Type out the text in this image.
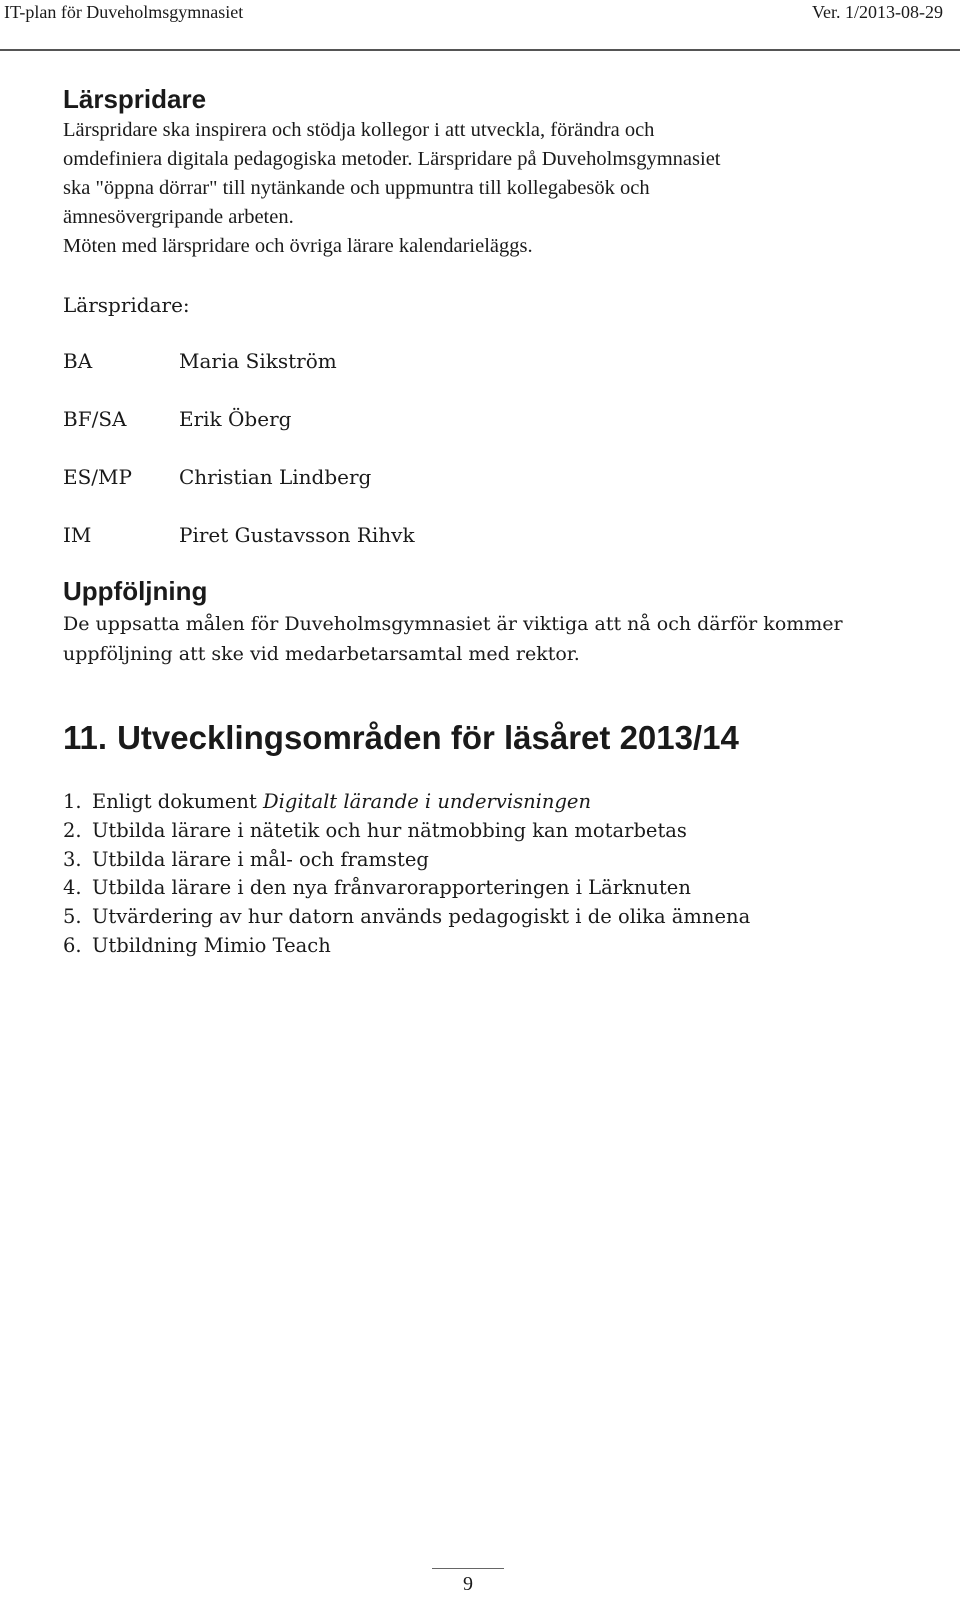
IT-plan för Duveholmsgymnasiet	Ver. 1/2013-08-29
Lärspridare

Lärspridare ska inspirera och stödja kollegor i att utveckla, förändra och

omdefiniera digitala pedagogiska metoder. Lärspridare på Duveholmsgymnasiet

ska "öppna dörrar" till nytänkande och uppmuntra till kollegabesök och

ämnesövergripande arbeten.

Möten med lärspridare och övriga lärare kalendarieläggs.

Lärspridare:
BA	Maria Sikström
BF/SA	Erik Öberg
ES/MP Christian Lindberg
IM	Piret Gustavsson Rihvk
Uppföljning

De uppsatta målen för Duveholmsgymnasiet är viktiga att nå och därför kommer

uppföljning att ske vid medarbetarsamtal med rektor.

11. Utvecklingsområden för läsåret 2013/14
1. Enligt dokument Digitalt lärande i undervisningen
2. Utbilda lärare i nätetik och hur nätmobbing kan motarbetas
3. Utbilda lärare i mål- och framsteg
4. Utbilda lärare i den nya frånvarorapporteringen i Lärknuten
5. Utvärdering av hur datorn används pedagogiskt i de olika ämnena
6. Utbildning Mimio Teach
9
